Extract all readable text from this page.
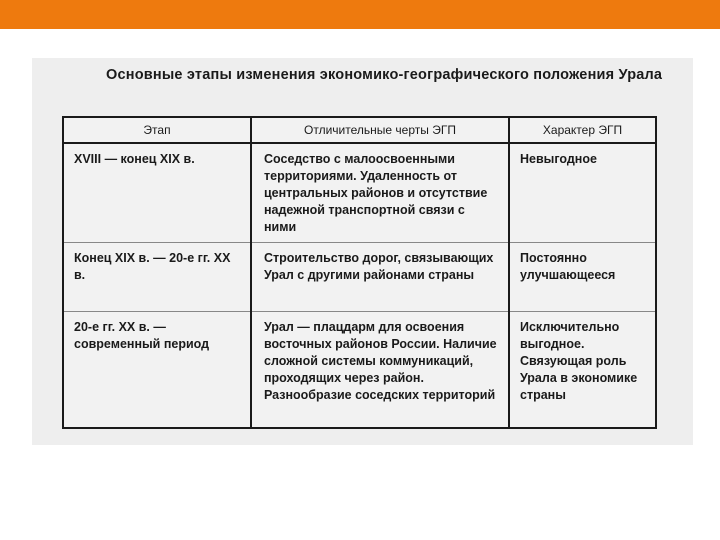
Основные этапы изменения экономико-географического положения Урала
Этап	Отличительные черты ЭГП	Характер ЭГП
XVIII — конец XIX в.	Соседство с малоосвоенными территориями. Удаленность от центральных районов и отсутствие надежной транспортной связи с ними	Невыгодное
Конец XIX в. — 20-е гг. XX в.	Строительство дорог, связывающих Урал с другими районами страны	Постоянно улучшающееся
20-е гг. XX в. — современный период	Урал — плацдарм для освоения восточных районов России. Наличие сложной системы коммуникаций, проходящих через район. Разнообразие соседских территорий	Исключительно выгодное. Связующая роль Урала в экономике страны
